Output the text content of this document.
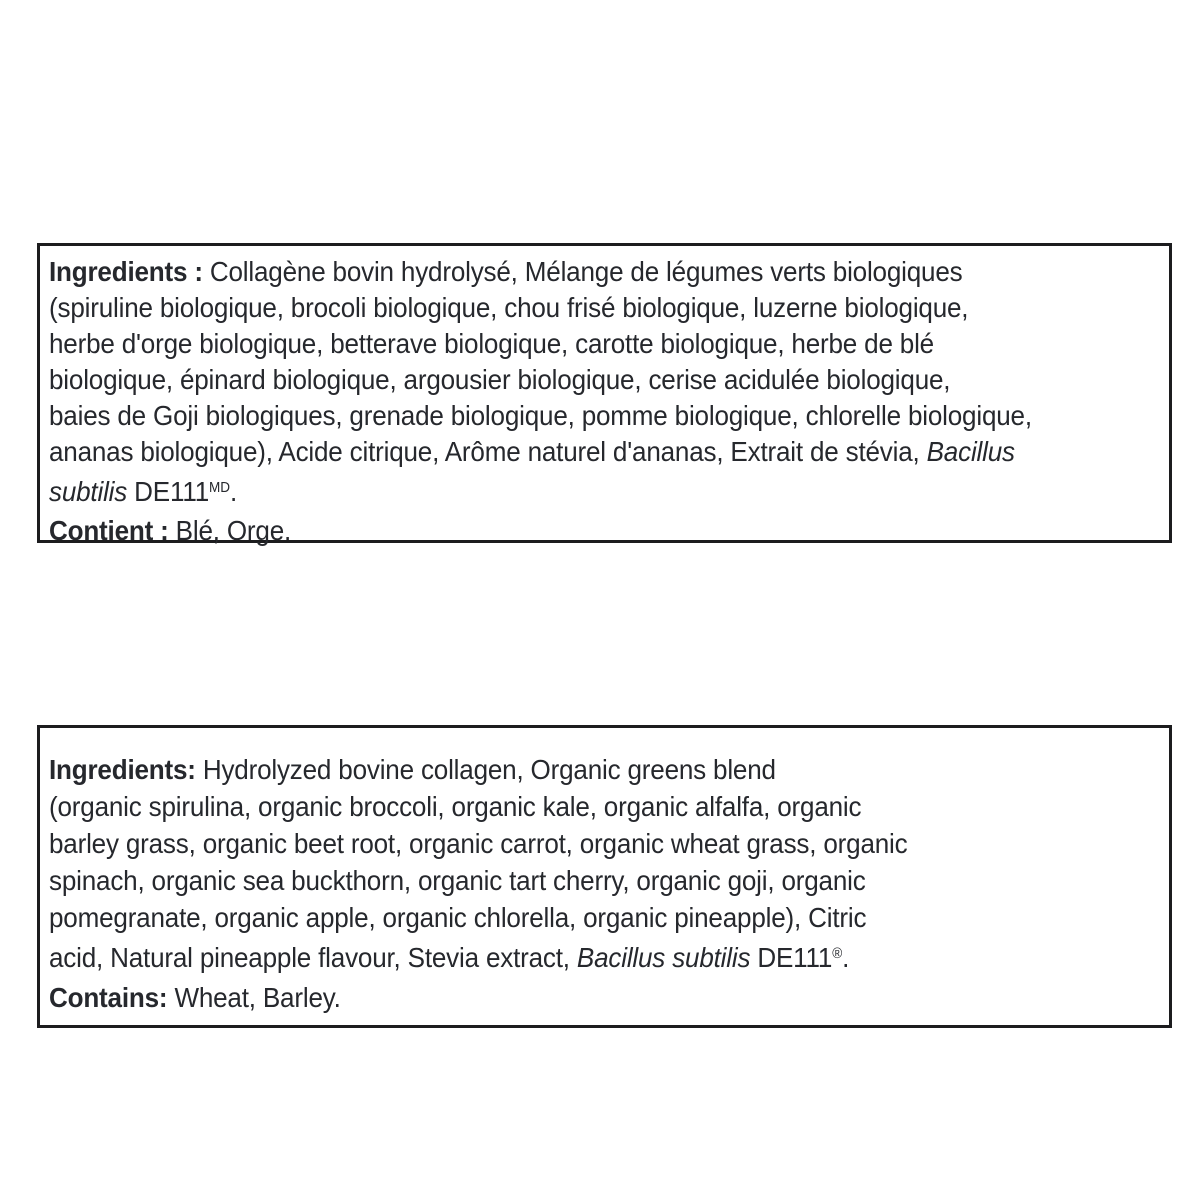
Ingredients : Collagène bovin hydrolysé, Mélange de légumes verts biologiques
(spiruline biologique, brocoli biologique, chou frisé biologique, luzerne biologique,
herbe d'orge biologique, betterave biologique, carotte biologique, herbe de blé
biologique, épinard biologique, argousier biologique, cerise acidulée biologique,
baies de Goji biologiques, grenade biologique, pomme biologique, chlorelle biologique,
ananas biologique), Acide citrique, Arôme naturel d'ananas, Extrait de stévia, Bacillus
subtilis $DE111^{MD}$.
Contient : Blé, Orge.
Ingredients: Hydrolyzed bovine collagen, Organic greens blend
(organic spirulina, organic broccoli, organic kale, organic alfalfa, organic
barley grass, organic beet root, organic carrot, organic wheat grass, organic
spinach, organic sea buckthorn, organic tart cherry, organic goji, organic
pomegranate, organic apple, organic chlorella, organic pineapple), Citric
acid, Natural pineapple flavour, Stevia extract, Bacillus subtilis DE111®.
Contains: Wheat, Barley.
